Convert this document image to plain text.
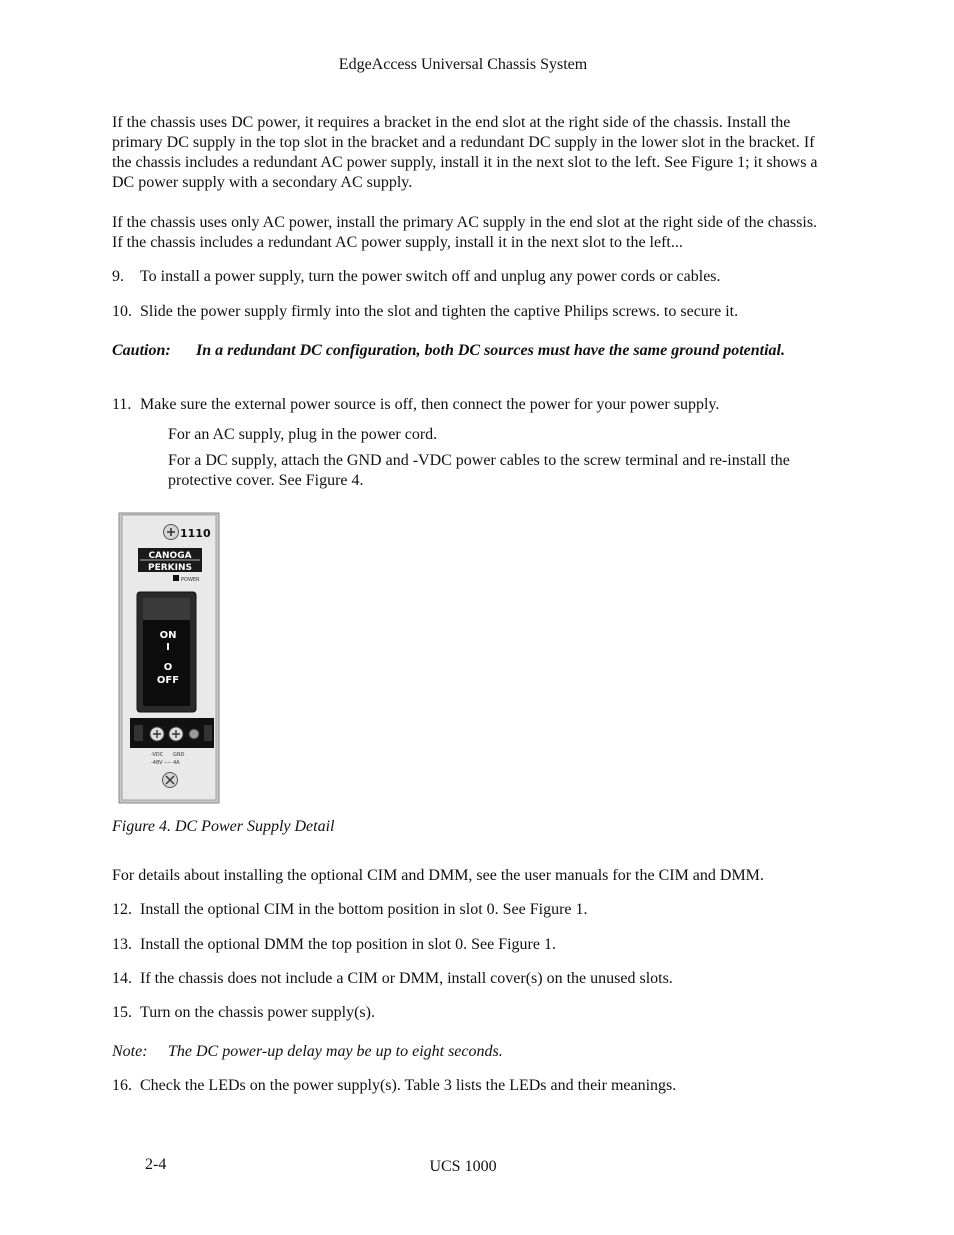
EdgeAccess Universal Chassis System
If the chassis uses DC power, it requires a bracket in the end slot at the right side of the chassis. Install the primary DC supply in the top slot in the bracket and a redundant DC supply in the lower slot in the bracket. If the chassis includes a redundant AC power supply, install it in the next slot to the left. See Figure 1; it shows a DC power supply with a secondary AC supply.
If the chassis uses only AC power, install the primary AC supply in the end slot at the right side of the chassis. If the chassis includes a redundant AC power supply, install it in the next slot to the left...
9. To install a power supply, turn the power switch off and unplug any power cords or cables.
10. Slide the power supply firmly into the slot and tighten the captive Philips screws. to secure it.
Caution: In a redundant DC configuration, both DC sources must have the same ground potential.
11. Make sure the external power source is off, then connect the power for your power supply.
For an AC supply, plug in the power cord.
For a DC supply, attach the GND and -VDC power cables to the screw terminal and re-install the protective cover. See Figure 4.
1110
CANOGA
PERKINS
POWER
ON
I
O
OFF
-VDC GND
-48V ---- 4A
Figure 4. DC Power Supply Detail
For details about installing the optional CIM and DMM, see the user manuals for the CIM and DMM.
12. Install the optional CIM in the bottom position in slot 0. See Figure 1.
13. Install the optional DMM the top position in slot 0. See Figure 1.
14. If the chassis does not include a CIM or DMM, install cover(s) on the unused slots.
15. Turn on the chassis power supply(s).
Note: The DC power-up delay may be up to eight seconds.
16. Check the LEDs on the power supply(s). Table 3 lists the LEDs and their meanings.
2-4	UCS 1000
